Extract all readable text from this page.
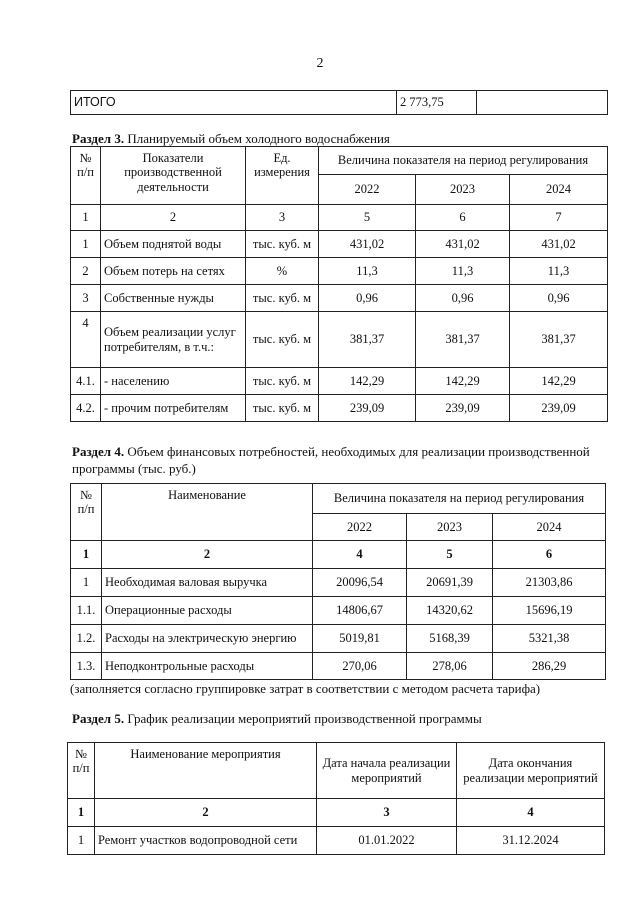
2
ИТОГО	2 773,75	
Раздел 3. Планируемый объем холодного водоснабжения
№ п/п	Показатели производственной деятельности	Ед. измерения	Величина показателя на период регулирования		
			2022	2023	2024
1	2	3	5	6	7
1	Объем поднятой воды	тыс. куб. м	431,02	431,02	431,02
2	Объем потерь на сетях	%	11,3	11,3	11,3
3	Собственные нужды	тыс. куб. м	0,96	0,96	0,96
4	Объем реализации услуг потребителям, в т.ч.:	тыс. куб. м	381,37	381,37	381,37
4.1.	- населению	тыс. куб. м	142,29	142,29	142,29
4.2.	- прочим потребителям	тыс. куб. м	239,09	239,09	239,09
Раздел 4. Объем финансовых потребностей, необходимых для реализации производственной программы (тыс. руб.)
№ п/п	Наименование	Величина показателя на период регулирования		
		2022	2023	2024
1	2	4	5	6
1	Необходимая валовая выручка	20096,54	20691,39	21303,86
1.1.	Операционные расходы	14806,67	14320,62	15696,19
1.2.	Расходы на электрическую энергию	5019,81	5168,39	5321,38
1.3.	Неподконтрольные расходы	270,06	278,06	286,29
(заполняется согласно группировке затрат в соответствии с методом расчета тарифа)
Раздел 5. График реализации мероприятий производственной программы
№ п/п	Наименование мероприятия	Дата начала реализации мероприятий	Дата окончания реализации мероприятий
1	2	3	4
1	Ремонт участков водопроводной сети	01.01.2022	31.12.2024
